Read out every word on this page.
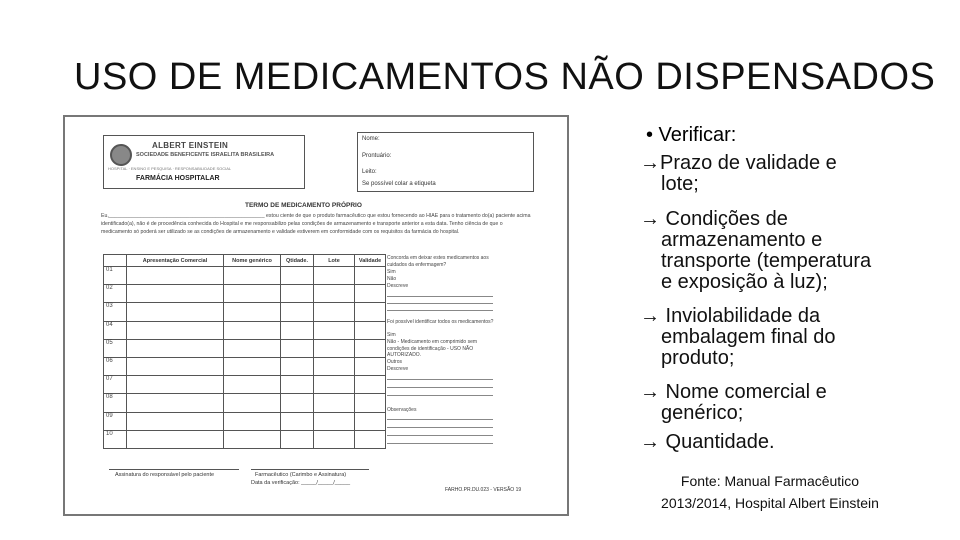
USO DE MEDICAMENTOS NÃO DISPENSADOS
ALBERT EINSTEIN
SOCIEDADE BENEFICENTE ISRAELITA BRASILEIRA
HOSPITAL · ENSINO E PESQUISA · RESPONSABILIDADE SOCIAL
FARMÁCIA HOSPITALAR
Nome:
Prontuário:
Leito:
Se possível colar a etiqueta
TERMO DE MEDICAMENTO PRÓPRIO
Eu,______________________________________________________ estou ciente de que o produto farmacêutico que estou fornecendo ao HIAE para o tratamento do(a) paciente acima identificado(a), não é de procedência conhecida do Hospital e me responsabilizo pelas condições de armazenamento e transporte anterior a esta data. Tenho ciência de que o medicamento só poderá ser utilizado se as condições de armazenamento e validade estiverem em conformidade com os requisitos da farmácia do hospital.
	Apresentação Comercial	Nome genérico	Qtidade.	Lote	Validade
01					
02					
03					
04					
05					
06					
07					
08					
09					
10					
Concorda em deixar estes medicamentos aos cuidados da enfermagem?
Sim
Não
Descreve
Foi possível identificar todos os medicamentos?
Sim
Não - Medicamento em comprimido sem condições de identificação - USO NÃO AUTORIZADO.
Outros
Descreve
Observações
Assinatura do responsável pelo paciente	Farmacêutico (Carimbo e Assinatura)
Data da verificação: _____/_____/_____
FARHO.PR.DU.023 - VERSÃO 19
• Verificar:
→Prazo de validade e
lote;
→ Condições de
armazenamento e
transporte (temperatura
e exposição à luz);
→ Inviolabilidade da
embalagem final do
produto;
→ Nome comercial e
genérico;
→ Quantidade.
Fonte: Manual Farmacêutico
2013/2014, Hospital Albert Einstein
